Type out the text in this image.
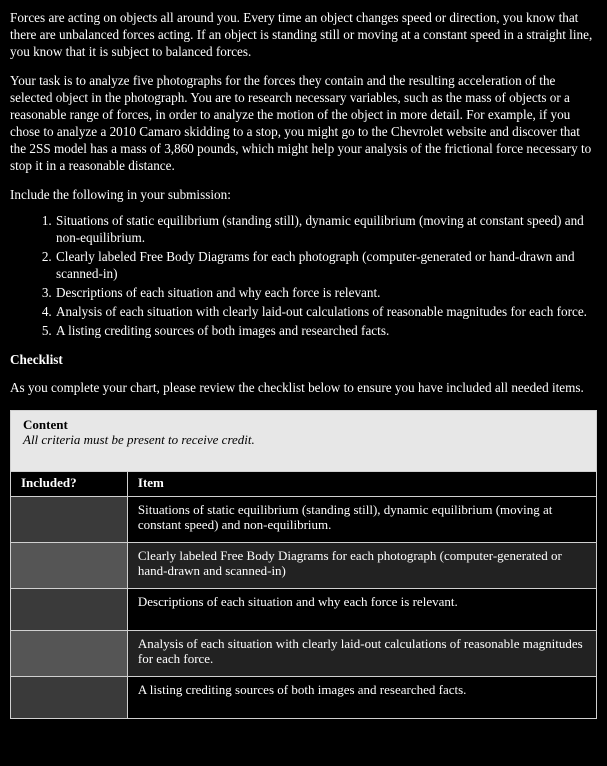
Forces are acting on objects all around you. Every time an object changes speed or direction, you know that there are unbalanced forces acting. If an object is standing still or moving at a constant speed in a straight line, you know that it is subject to balanced forces.

Your task is to analyze five photographs for the forces they contain and the resulting acceleration of the selected object in the photograph. You are to research necessary variables, such as the mass of objects or a reasonable range of forces, in order to analyze the motion of the object in more detail. For example, if you chose to analyze a 2010 Camaro skidding to a stop, you might go to the Chevrolet website and discover that the 2SS model has a mass of 3,860 pounds, which might help your analysis of the frictional force necessary to stop it in a reasonable distance.

Include the following in your submission:

1. Situations of static equilibrium (standing still), dynamic equilibrium (moving at constant speed) and non-equilibrium.
2. Clearly labeled Free Body Diagrams for each photograph (computer-generated or hand-drawn and scanned-in)
3. Descriptions of each situation and why each force is relevant.
4. Analysis of each situation with clearly laid-out calculations of reasonable magnitudes for each force.
5. A listing crediting sources of both images and researched facts.

Checklist

As you complete your chart, please review the checklist below to ensure you have included all needed items.

Content
All criteria must be present to receive credit.	

Included?	Item
	Situations of static equilibrium (standing still), dynamic equilibrium (moving at constant speed) and non-equilibrium.
	Clearly labeled Free Body Diagrams for each photograph (computer-generated or hand-drawn and scanned-in)
	Descriptions of each situation and why each force is relevant.
	Analysis of each situation with clearly laid-out calculations of reasonable magnitudes for each force.
	A listing crediting sources of both images and researched facts.
